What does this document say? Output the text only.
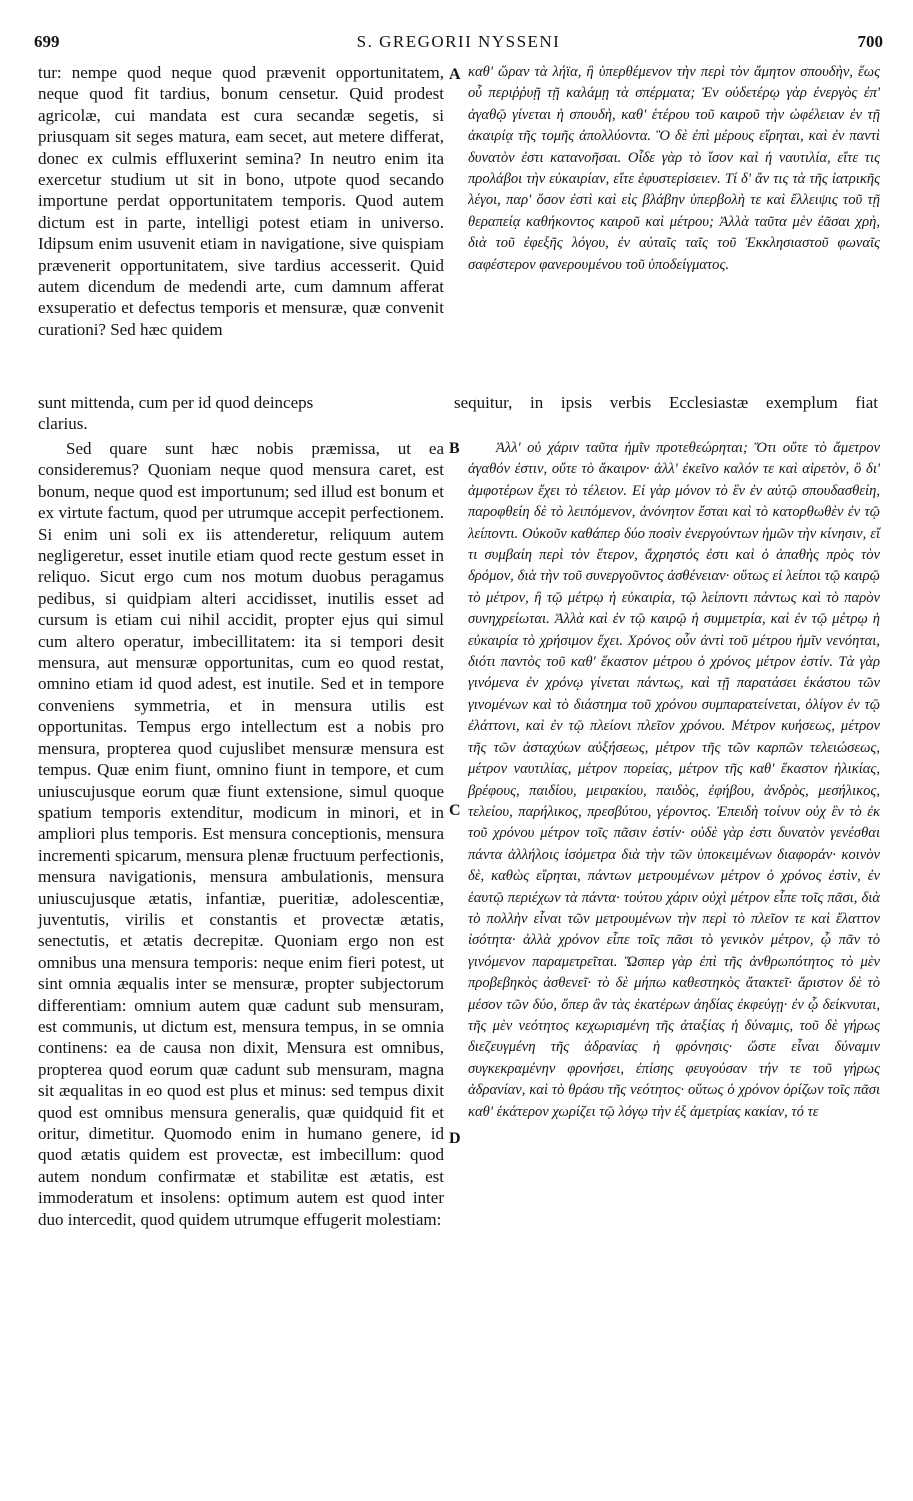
699	S. GREGORII NYSSENI	700

tur: nempe quod neque quod prævenit opportunitatem, neque quod fit tardius, bonum censetur. Quid prodest agricolæ, cui mandata est cura secandæ segetis, si priusquam sit seges matura, eam secet, aut metere differat, donec ex culmis effluxerint semina? In neutro enim ita exercetur studium ut sit in bono, utpote quod secando importune perdat opportunitatem temporis. Quod autem dictum est in parte, intelligi potest etiam in universo. Idipsum enim usuvenit etiam in navigatione, sive quispiam prævenerit opportunitatem, sive tardius accesserit. Quid autem dicendum de medendi arte, cum damnum afferat exsuperatio et defectus temporis et mensuræ, quæ convenit curationi? Sed hæc quidem

καθ' ὥραν τὰ λήϊα, ἢ ὑπερθέμενον τὴν περὶ τὸν ἄμητον σπουδὴν, ἕως οὗ περιῤῥυῇ τῇ καλάμῃ τὰ σπέρματα; Ἐν οὐδετέρῳ γὰρ ἐνεργὸς ἐπ' ἀγαθῷ γίνεται ἡ σπουδὴ, καθ' ἑτέρου τοῦ καιροῦ τὴν ὠφέλειαν ἐν τῇ ἀκαιρίᾳ τῆς τομῆς ἀπολλύοντα. Ὃ δὲ ἐπὶ μέρους εἴρηται, καὶ ἐν παντὶ δυνατὸν ἐστι κατανοῆσαι. Οἶδε γὰρ τὸ ἴσον καὶ ἡ ναυτιλία, εἴτε τις προλάβοι τὴν εὐκαιρίαν, εἴτε ἐφυστερίσειεν. Τί δ' ἄν τις τὰ τῆς ἰατρικῆς λέγοι, παρ' ὅσον ἐστὶ καὶ εἰς βλάβην ὑπερβολὴ τε καὶ ἔλλειψις τοῦ τῇ θεραπείᾳ καθήκοντος καιροῦ καὶ μέτρου; Ἀλλὰ ταῦτα μὲν ἐᾶσαι χρὴ, διὰ τοῦ ἐφεξῆς λόγου, ἐν αὐταῖς ταῖς τοῦ Ἐκκλησιαστοῦ φωναῖς σαφέστερον φανερουμένου τοῦ ὑποδείγματος.

sunt mittenda, cum per id quod deinceps	sequitur, in ipsis verbis Ecclesiastæ exemplum fiat
clarius.

Sed quare sunt hæc nobis præmissa, ut ea consideremus? Quoniam neque quod mensura caret, est bonum, neque quod est importunum; sed illud est bonum et ex virtute factum, quod per utrumque accepit perfectionem. Si enim uni soli ex iis attenderetur, reliquum autem negligeretur, esset inutile etiam quod recte gestum esset in reliquo. Sicut ergo cum nos motum duobus peragamus pedibus, si quidpiam alteri accidisset, inutilis esset ad cursum is etiam cui nihil accidit, propter ejus qui simul cum altero operatur, imbecillitatem: ita si tempori desit mensura, aut mensuræ opportunitas, cum eo quod restat, omnino etiam id quod adest, est inutile. Sed et in tempore conveniens symmetria, et in mensura utilis est opportunitas. Tempus ergo intellectum est a nobis pro mensura, propterea quod cujuslibet mensuræ mensura est tempus. Quæ enim fiunt, omnino fiunt in tempore, et cum uniuscujusque eorum quæ fiunt extensione, simul quoque spatium temporis extenditur, modicum in minori, et in ampliori plus temporis. Est mensura conceptionis, mensura incrementi spicarum, mensura plenæ fructuum perfectionis, mensura navigationis, mensura ambulationis, mensura uniuscujusque ætatis, infantiæ, pueritiæ, adolescentiæ, juventutis, virilis et constantis et provectæ ætatis, senectutis, et ætatis decrepitæ. Quoniam ergo non est omnibus una mensura temporis: neque enim fieri potest, ut sint omnia æqualis inter se mensuræ, propter subjectorum differentiam: omnium autem quæ cadunt sub mensuram, est communis, ut dictum est, mensura tempus, in se omnia continens: ea de causa non dixit, Mensura est omnibus, propterea quod eorum quæ cadunt sub mensuram, magna sit æqualitas in eo quod est plus et minus: sed tempus dixit quod est omnibus mensura generalis, quæ quidquid fit et oritur, dimetitur. Quomodo enim in humano genere, id quod ætatis quidem est provectæ, est imbecillum: quod autem nondum confirmatæ et stabilitæ est ætatis, est immoderatum et insolens: optimum autem est quod inter duo intercedit, quod quidem utrumque effugerit molestiam:

Ἀλλ' οὐ χάριν ταῦτα ἡμῖν προτεθεώρηται; Ὅτι οὔτε τὸ ἄμετρον ἀγαθόν ἐστιν, οὔτε τὸ ἄκαιρον· ἀλλ' ἐκεῖνο καλόν τε καὶ αἱρετὸν, ὃ δι' ἀμφοτέρων ἔχει τὸ τέλειον. Εἰ γὰρ μόνον τὸ ἓν ἐν αὐτῷ σπουδασθείη, παροφθείη δὲ τὸ λειπόμενον, ἀνόνητον ἔσται καὶ τὸ κατορθωθὲν ἐν τῷ λείποντι. Οὐκοῦν καθάπερ δύο ποσὶν ἐνεργούντων ἡμῶν τὴν κίνησιν, εἴ τι συμβαίη περὶ τὸν ἕτερον, ἄχρηστός ἐστι καὶ ὁ ἀπαθὴς πρὸς τὸν δρόμον, διὰ τὴν τοῦ συνεργοῦντος ἀσθένειαν· οὕτως εἰ λείποι τῷ καιρῷ τὸ μέτρον, ἢ τῷ μέτρῳ ἡ εὐκαιρία, τῷ λείποντι πάντως καὶ τὸ παρὸν συνηχρείωται. Ἀλλὰ καὶ ἐν τῷ καιρῷ ἡ συμμετρία, καὶ ἐν τῷ μέτρῳ ἡ εὐκαιρία τὸ χρήσιμον ἔχει. Χρόνος οὖν ἀντὶ τοῦ μέτρου ἡμῖν νενόηται, διότι παντὸς τοῦ καθ' ἕκαστον μέτρου ὁ χρόνος μέτρον ἐστίν. Τὰ γὰρ γινόμενα ἐν χρόνῳ γίνεται πάντως, καὶ τῇ παρατάσει ἑκάστου τῶν γινομένων καὶ τὸ διάστημα τοῦ χρόνου συμπαρατείνεται, ὀλίγον ἐν τῷ ἐλάττονι, καὶ ἐν τῷ πλείονι πλεῖον χρόνου. Μέτρον κυήσεως, μέτρον τῆς τῶν ἀσταχύων αὐξήσεως, μέτρον τῆς τῶν καρπῶν τελειώσεως, μέτρον ναυτιλίας, μέτρον πορείας, μέτρον τῆς καθ' ἕκαστον ἡλικίας, βρέφους, παιδίου, μειρακίου, παιδὸς, ἐφήβου, ἀνδρὸς, μεσήλικος, τελείου, παρήλικος, πρεσβύτου, γέροντος. Ἐπειδὴ τοίνυν οὐχ ἓν τὸ ἐκ τοῦ χρόνου μέτρον τοῖς πᾶσιν ἐστίν· οὐδὲ γὰρ ἐστι δυνατὸν γενέσθαι πάντα ἀλλήλοις ἰσόμετρα διὰ τὴν τῶν ὑποκειμένων διαφοράν· κοινὸν δὲ, καθὼς εἴρηται, πάντων μετρουμένων μέτρον ὁ χρόνος ἐστὶν, ἐν ἑαυτῷ περιέχων τὰ πάντα· τούτου χάριν οὐχὶ μέτρον εἶπε τοῖς πᾶσι, διὰ τὸ πολλὴν εἶναι τῶν μετρουμένων τὴν περὶ τὸ πλεῖον τε καὶ ἔλαττον ἰσότητα· ἀλλὰ χρόνον εἶπε τοῖς πᾶσι τὸ γενικὸν μέτρον, ᾧ πᾶν τὸ γινόμενον παραμετρεῖται. Ὥσπερ γὰρ ἐπὶ τῆς ἀνθρωπότητος τὸ μὲν προβεβηκὸς ἀσθενεῖ· τὸ δὲ μήπω καθεστηκὸς ἄτακτεῖ· ἄριστον δὲ τὸ μέσον τῶν δύο, ὅπερ ἂν τὰς ἑκατέρων ἀηδίας ἐκφεύγῃ· ἐν ᾧ δείκνυται, τῆς μὲν νεότητος κεχωρισμένη τῆς ἀταξίας ἡ δύναμις, τοῦ δὲ γήρως διεζευγμένη τῆς ἀδρανίας ἡ φρόνησις· ὥστε εἶναι δύναμιν συγκεκραμένην φρονήσει, ἐπίσης φευγούσαν τήν τε τοῦ γήρως ἀδρανίαν, καὶ τὸ θράσυ τῆς νεότητος· οὕτως ὁ χρόνον ὁρίζων τοῖς πᾶσι καθ' ἑκάτερον χωρίζει τῷ λόγῳ τὴν ἐξ ἀμετρίας κακίαν, τό τε

A
B
C
D
